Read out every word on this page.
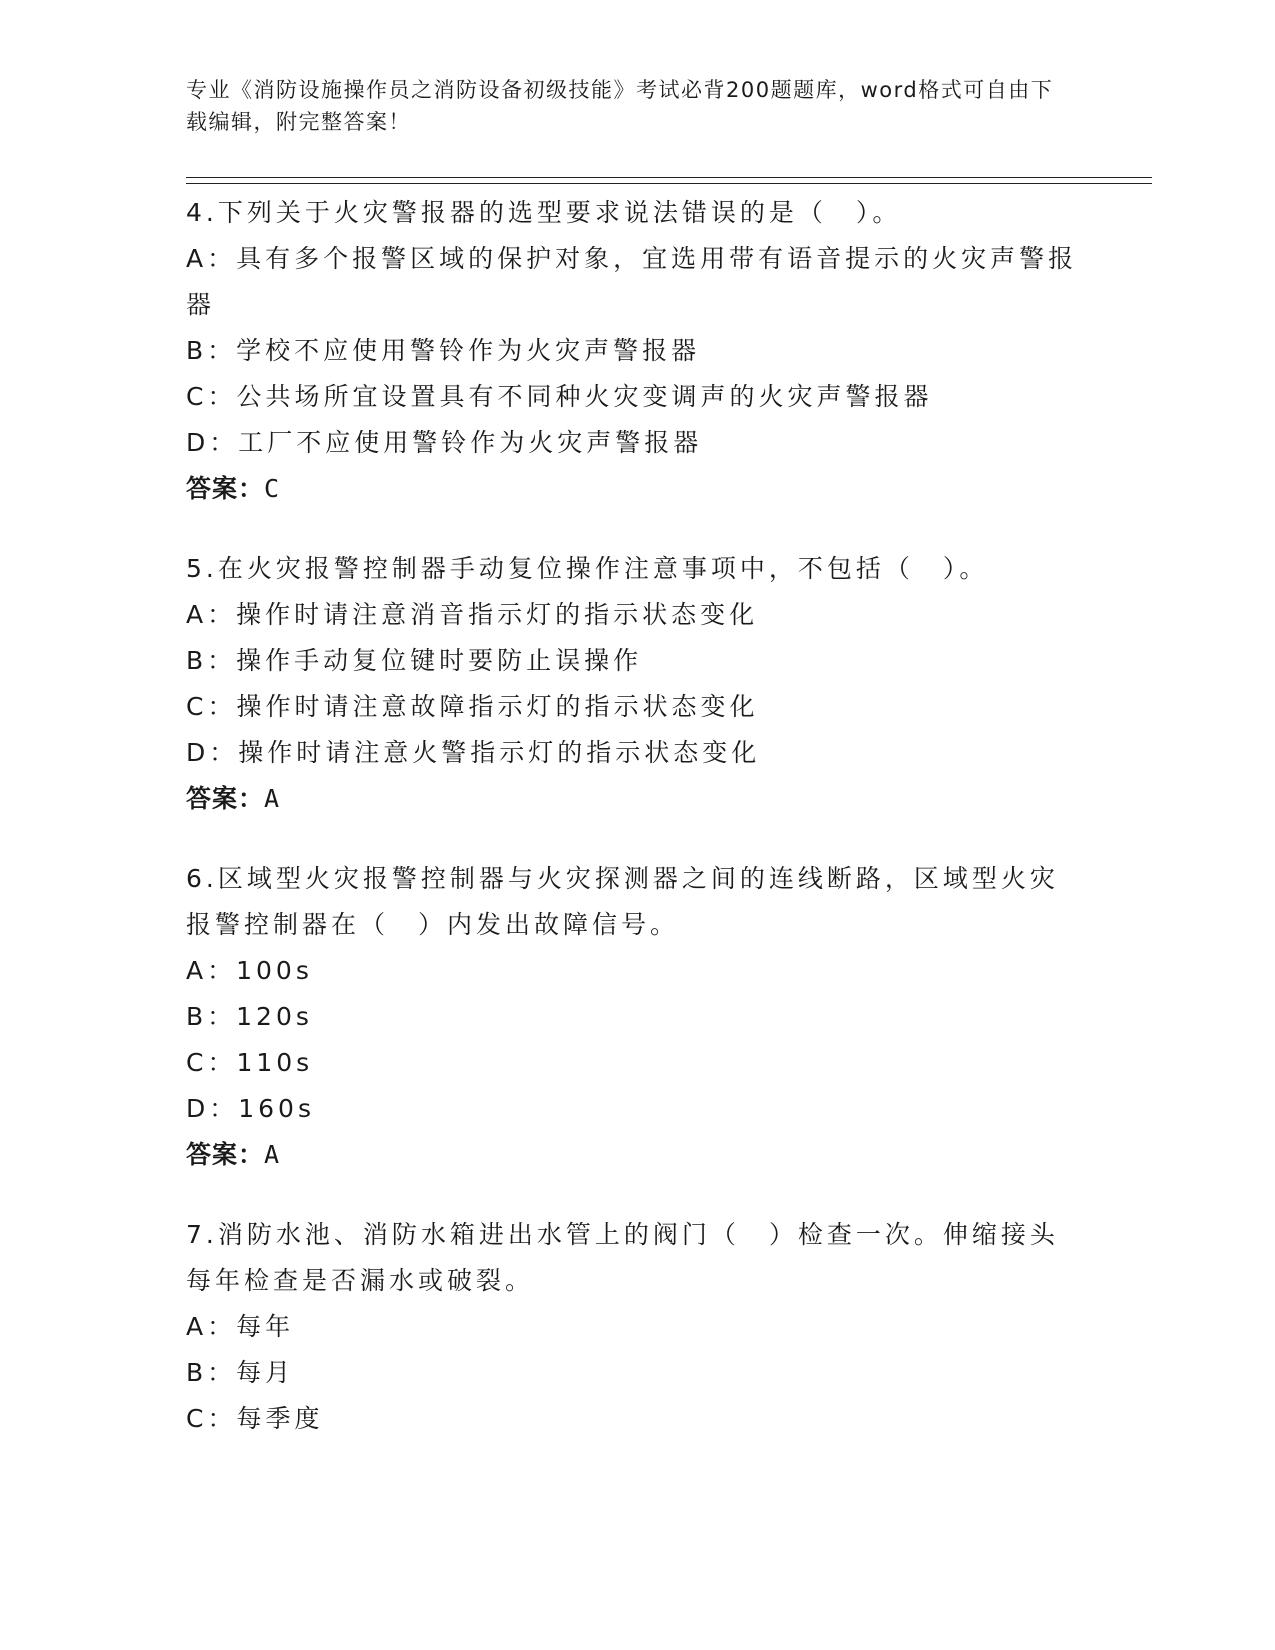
专业《消防设施操作员之消防设备初级技能》考试必背200题题库，word格式可自由下载编辑，附完整答案！
4.下列关于火灾警报器的选型要求说法错误的是（　）。
A：具有多个报警区域的保护对象，宜选用带有语音提示的火灾声警报器
B：学校不应使用警铃作为火灾声警报器
C：公共场所宜设置具有不同种火灾变调声的火灾声警报器
D：工厂不应使用警铃作为火灾声警报器
答案：C
5.在火灾报警控制器手动复位操作注意事项中，不包括（　）。
A：操作时请注意消音指示灯的指示状态变化
B：操作手动复位键时要防止误操作
C：操作时请注意故障指示灯的指示状态变化
D：操作时请注意火警指示灯的指示状态变化
答案：A
6.区域型火灾报警控制器与火灾探测器之间的连线断路，区域型火灾报警控制器在（　）内发出故障信号。
A：100s
B：120s
C：110s
D：160s
答案：A
7.消防水池、消防水箱进出水管上的阀门（　）检查一次。伸缩接头每年检查是否漏水或破裂。
A：每年
B：每月
C：每季度
